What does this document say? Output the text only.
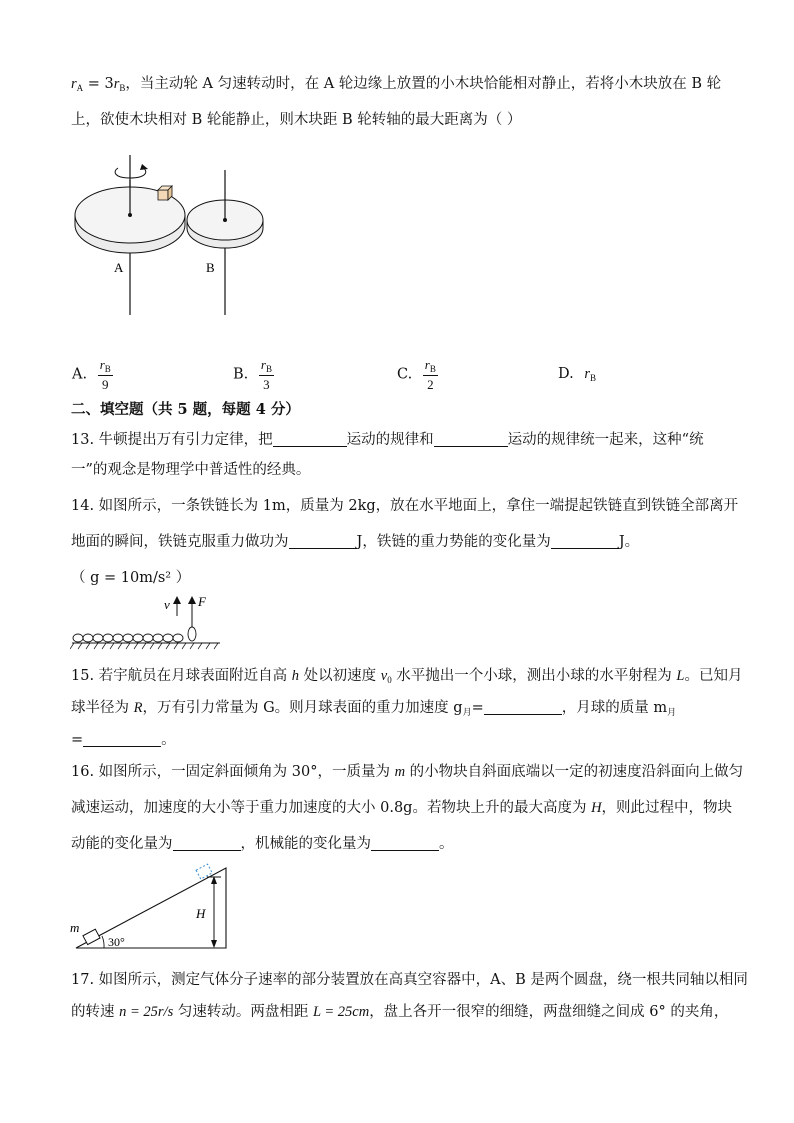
$r_A = 3r_B$，当主动轮 A 匀速转动时，在 A 轮边缘上放置的小木块恰能相对静止，若将小木块放在 B 轮
上，欲使木块相对 B 轮能静止，则木块距 B 轮转轴的最大距离为（ ）
A	B
A. $\frac{r_B}{9}$	B. $\frac{r_B}{3}$	C. $\frac{r_B}{2}$	D. $r_B$
二、填空题（共 5 题，每题 4 分）
13. 牛顿提出万有引力定律，把	运动的规律和	运动的规律统一起来，这种“统
一”的观念是物理学中普适性的经典。
14. 如图所示，一条铁链长为 1m，质量为 2kg，放在水平地面上，拿住一端提起铁链直到铁链全部离开
地面的瞬间，铁链克服重力做功为	J，铁链的重力势能的变化量为	J。
（ g = 10m/s² ）
v F
15. 若宇航员在月球表面附近自高 h 处以初速度 $v_0$ 水平抛出一个小球，测出小球的水平射程为 L。已知月
球半径为 R，万有引力常量为 G。则月球表面的重力加速度 $g_月=$	，月球的质量 $m_月$
=	。
16. 如图所示，一固定斜面倾角为 30°，一质量为 m 的小物块自斜面底端以一定的初速度沿斜面向上做匀
减速运动，加速度的大小等于重力加速度的大小 0.8g。若物块上升的最大高度为 H，则此过程中，物块
动能的变化量为	，机械能的变化量为	。
H
m
30°
17. 如图所示，测定气体分子速率的部分装置放在高真空容器中，A、B 是两个圆盘，绕一根共同轴以相同
的转速 n = 25r/s 匀速转动。两盘相距 L = 25cm，盘上各开一很窄的细缝，两盘细缝之间成 6° 的夹角，
